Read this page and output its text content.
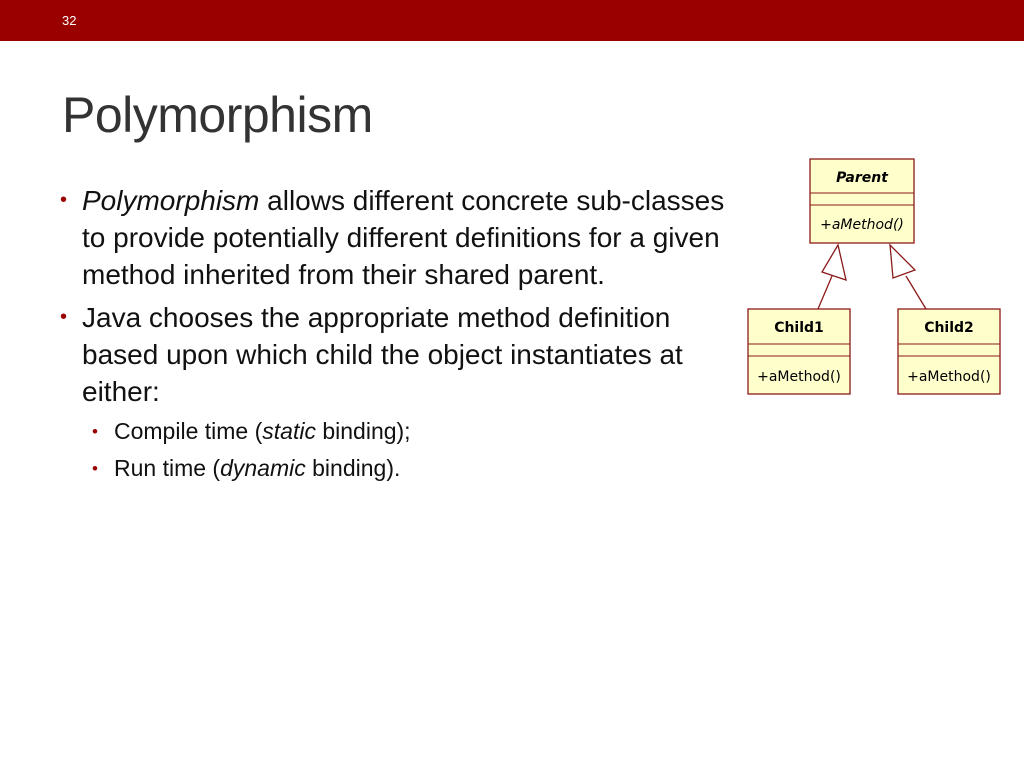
32
Polymorphism
• Polymorphism allows different concrete sub-classes to provide potentially different definitions for a given method inherited from their shared parent.
• Java chooses the appropriate method definition based upon which child the object instantiates at either:
• Compile time (static binding);
• Run time (dynamic binding).
Parent
+aMethod()
Child1
+aMethod()
Child2
+aMethod()
